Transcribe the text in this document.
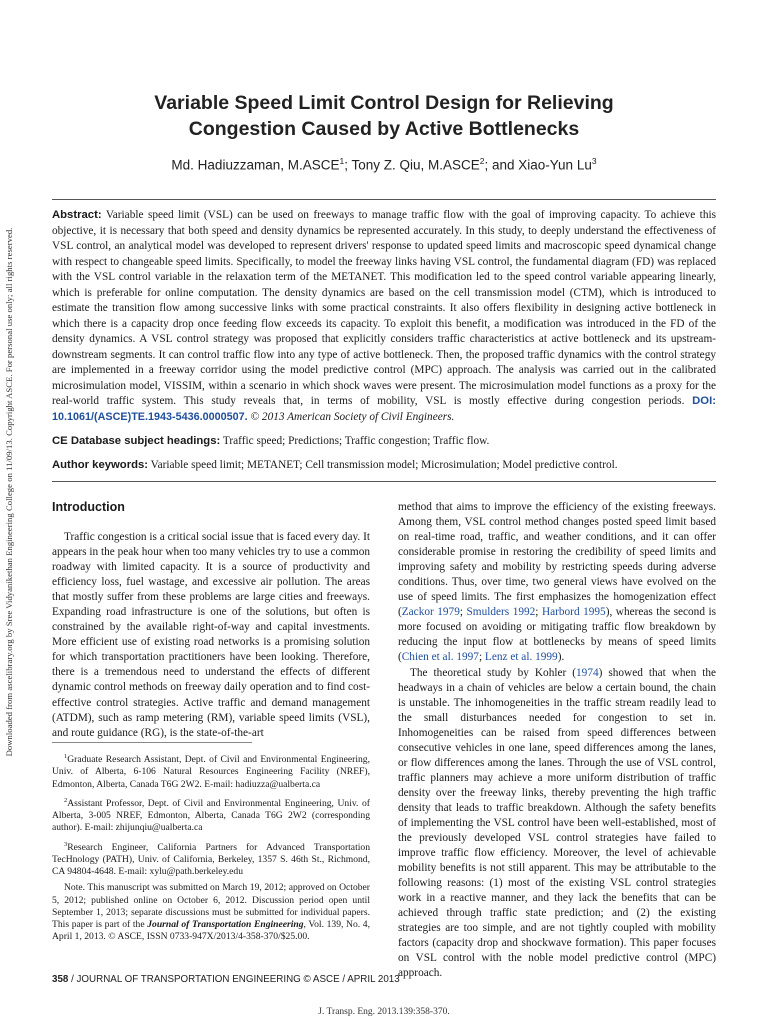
Downloaded from ascelibrary.org by Sree Vidyanikethan Engineering College on 11/09/13. Copyright ASCE. For personal use only; all rights reserved.
Variable Speed Limit Control Design for Relieving
Congestion Caused by Active Bottlenecks
Md. Hadiuzzaman, M.ASCE$^1$; Tony Z. Qiu, M.ASCE$^2$; and Xiao-Yun Lu$^3$
Abstract: Variable speed limit (VSL) can be used on freeways to manage traffic flow with the goal of improving capacity. To achieve this objective, it is necessary that both speed and density dynamics be represented accurately. In this study, to deeply understand the effectiveness of VSL control, an analytical model was developed to represent drivers' response to updated speed limits and macroscopic speed dynamical change with respect to changeable speed limits. Specifically, to model the freeway links having VSL control, the fundamental diagram (FD) was replaced with the VSL control variable in the relaxation term of the METANET. This modification led to the speed control variable appearing linearly, which is preferable for online computation. The density dynamics are based on the cell transmission model (CTM), which is introduced to estimate the transition flow among successive links with some practical constraints. It also offers flexibility in designing active bottleneck in which there is a capacity drop once feeding flow exceeds its capacity. To exploit this benefit, a modification was introduced in the FD of the density dynamics. A VSL control strategy was proposed that explicitly considers traffic characteristics at active bottleneck and its upstream-downstream segments. It can control traffic flow into any type of active bottleneck. Then, the proposed traffic dynamics with the control strategy are implemented in a freeway corridor using the model predictive control (MPC) approach. The analysis was carried out in the calibrated microsimulation model, VISSIM, within a scenario in which shock waves were present. The microsimulation model functions as a proxy for the real-world traffic system. This study reveals that, in terms of mobility, VSL is mostly effective during congestion periods. DOI: 10.1061/(ASCE)TE.1943-5436.0000507. © 2013 American Society of Civil Engineers.
CE Database subject headings: Traffic speed; Predictions; Traffic congestion; Traffic flow.
Author keywords: Variable speed limit; METANET; Cell transmission model; Microsimulation; Model predictive control.
Introduction

Traffic congestion is a critical social issue that is faced every day. It appears in the peak hour when too many vehicles try to use a common roadway with limited capacity. It is a source of productivity and efficiency loss, fuel wastage, and excessive air pollution. The areas that mostly suffer from these problems are large cities and freeways. Expanding road infrastructure is one of the solutions, but often is constrained by the available right-of-way and capital investments. More efficient use of existing road networks is a promising solution for which transportation practitioners have been looking. Therefore, there is a tremendous need to understand the effects of different dynamic control methods on freeway daily operation and to find cost-effective control strategies. Active traffic and demand management (ATDM), such as ramp metering (RM), variable speed limits (VSL), and route guidance (RG), is the state-of-the-art

$^1$Graduate Research Assistant, Dept. of Civil and Environmental Engineering, Univ. of Alberta, 6-106 Natural Resources Engineering Facility (NREF), Edmonton, Alberta, Canada T6G 2W2. E-mail: hadiuzza@ualberta.ca

$^2$Assistant Professor, Dept. of Civil and Environmental Engineering, Univ. of Alberta, 3-005 NREF, Edmonton, Alberta, Canada T6G 2W2 (corresponding author). E-mail: zhijunqiu@ualberta.ca

$^3$Research Engineer, California Partners for Advanced Transportation TecHnology (PATH), Univ. of California, Berkeley, 1357 S. 46th St., Richmond, CA 94804-4648. E-mail: xylu@path.berkeley.edu

Note. This manuscript was submitted on March 19, 2012; approved on October 5, 2012; published online on October 6, 2012. Discussion period open until September 1, 2013; separate discussions must be submitted for individual papers. This paper is part of the Journal of Transportation Engineering, Vol. 139, No. 4, April 1, 2013. © ASCE, ISSN 0733-947X/2013/4-358-370/$25.00.

method that aims to improve the efficiency of the existing freeways. Among them, VSL control method changes posted speed limit based on real-time road, traffic, and weather conditions, and it can offer considerable promise in restoring the credibility of speed limits and improving safety and mobility by restricting speeds during adverse conditions. Thus, over time, two general views have evolved on the use of speed limits. The first emphasizes the homogenization effect (Zackor 1979; Smulders 1992; Harbord 1995), whereas the second is more focused on avoiding or mitigating traffic flow breakdown by reducing the input flow at bottlenecks by means of speed limits (Chien et al. 1997; Lenz et al. 1999).

The theoretical study by Kohler (1974) showed that when the headways in a chain of vehicles are below a certain bound, the chain is unstable. The inhomogeneities in the traffic stream readily lead to the small disturbances needed for congestion to set in. Inhomogeneities can be raised from speed differences between consecutive vehicles in one lane, speed differences among the lanes, or flow differences among the lanes. Through the use of VSL control, traffic planners may achieve a more uniform distribution of traffic density over the freeway links, thereby preventing the high traffic density that leads to traffic breakdown. Although the safety benefits of implementing the VSL control have been well-established, most of the previously developed VSL control strategies have failed to improve traffic flow efficiency. Moreover, the level of achievable mobility benefits is not still apparent. This may be attributable to the following reasons: (1) most of the existing VSL control strategies work in a reactive manner, and they lack the benefits that can be achieved through traffic state prediction; and (2) the existing strategies are too simple, and are not tightly coupled with mobility factors (capacity drop and shockwave formation). This paper focuses on VSL control with the noble model predictive control (MPC) approach.

358 / JOURNAL OF TRANSPORTATION ENGINEERING © ASCE / APRIL 2013
J. Transp. Eng. 2013.139:358-370.
